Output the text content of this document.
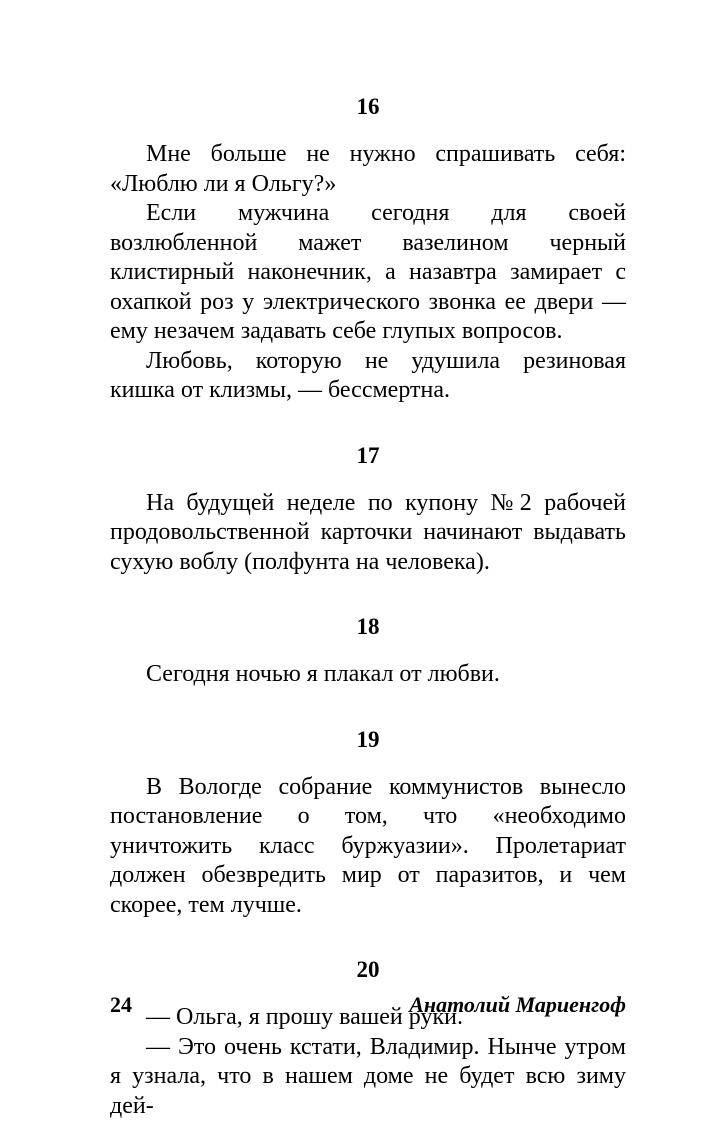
16

Мне больше не нужно спрашивать себя: «Люблю ли я Ольгу?»

Если мужчина сегодня для своей возлюбленной мажет вазелином черный клистирный наконечник, а назавтра замирает с охапкой роз у электрического звонка ее двери — ему незачем задавать себе глупых вопросов.

Любовь, которую не удушила резиновая кишка от клизмы, — бессмертна.

17

На будущей неделе по купону №2 рабочей продовольственной карточки начинают выдавать сухую воблу (полфунта на человека).

18

Сегодня ночью я плакал от любви.

19

В Вологде собрание коммунистов вынесло постановление о том, что «необходимо уничтожить класс буржуазии». Пролетариат должен обезвредить мир от паразитов, и чем скорее, тем лучше.

20

— Ольга, я прошу вашей руки.

— Это очень кстати, Владимир. Нынче утром я узнала, что в нашем доме не будет всю зиму дей-

24	Анатолий Мариенгоф
